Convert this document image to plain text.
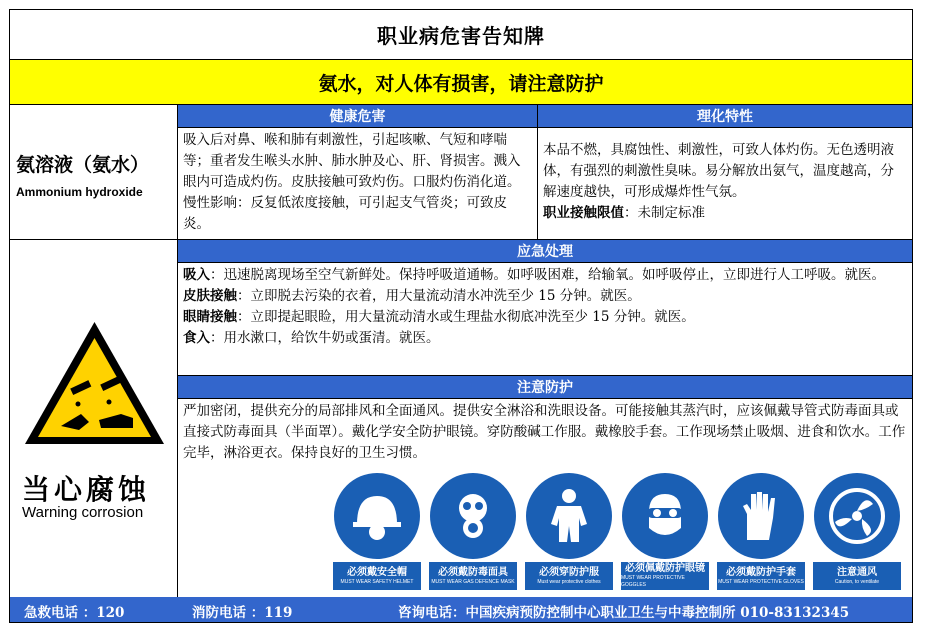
职业病危害告知牌
氨水，对人体有损害，请注意防护
氨溶液（氨水）
Ammonium hydroxide
健康危害	理化特性
吸入后对鼻、喉和肺有刺激性，引起咳嗽、气短和哮喘等；重者发生喉头水肿、肺水肿及心、肝、肾损害。溅入眼内可造成灼伤。皮肤接触可致灼伤。口服灼伤消化道。慢性影响：反复低浓度接触，可引起支气管炎；可致皮炎。
本品不燃，具腐蚀性、刺激性，可致人体灼伤。无色透明液体，有强烈的刺激性臭味。易分解放出氨气，温度越高，分解速度越快，可形成爆炸性气氛。
职业接触限值：未制定标准
当心腐蚀
Warning corrosion
应急处理
吸入：迅速脱离现场至空气新鲜处。保持呼吸道通畅。如呼吸困难，给输氧。如呼吸停止，立即进行人工呼吸。就医。
皮肤接触：立即脱去污染的衣着，用大量流动清水冲洗至少 15 分钟。就医。
眼睛接触：立即提起眼睑，用大量流动清水或生理盐水彻底冲洗至少 15 分钟。就医。
食入：用水漱口，给饮牛奶或蛋清。就医。
注意防护
严加密闭，提供充分的局部排风和全面通风。提供安全淋浴和洗眼设备。可能接触其蒸汽时，应该佩戴导管式防毒面具或直接式防毒面具（半面罩）。戴化学安全防护眼镜。穿防酸碱工作服。戴橡胶手套。工作现场禁止吸烟、进食和饮水。工作完毕，淋浴更衣。保持良好的卫生习惯。
必须戴安全帽
MUST WEAR SAFETY HELMET
必须戴防毒面具
MUST WEAR GAS DEFENCE MASK
必须穿防护服
Must wear protective clothes
必须佩戴防护眼镜
MUST WEAR PROTECTIVE GOGGLES
必须戴防护手套
MUST WEAR PROTECTIVE GLOVES
注意通风
Caution, to ventilate
急救电话 ：120	消防电话 ：119	咨询电话：中国疾病预防控制中心职业卫生与中毒控制所 010-83132345
